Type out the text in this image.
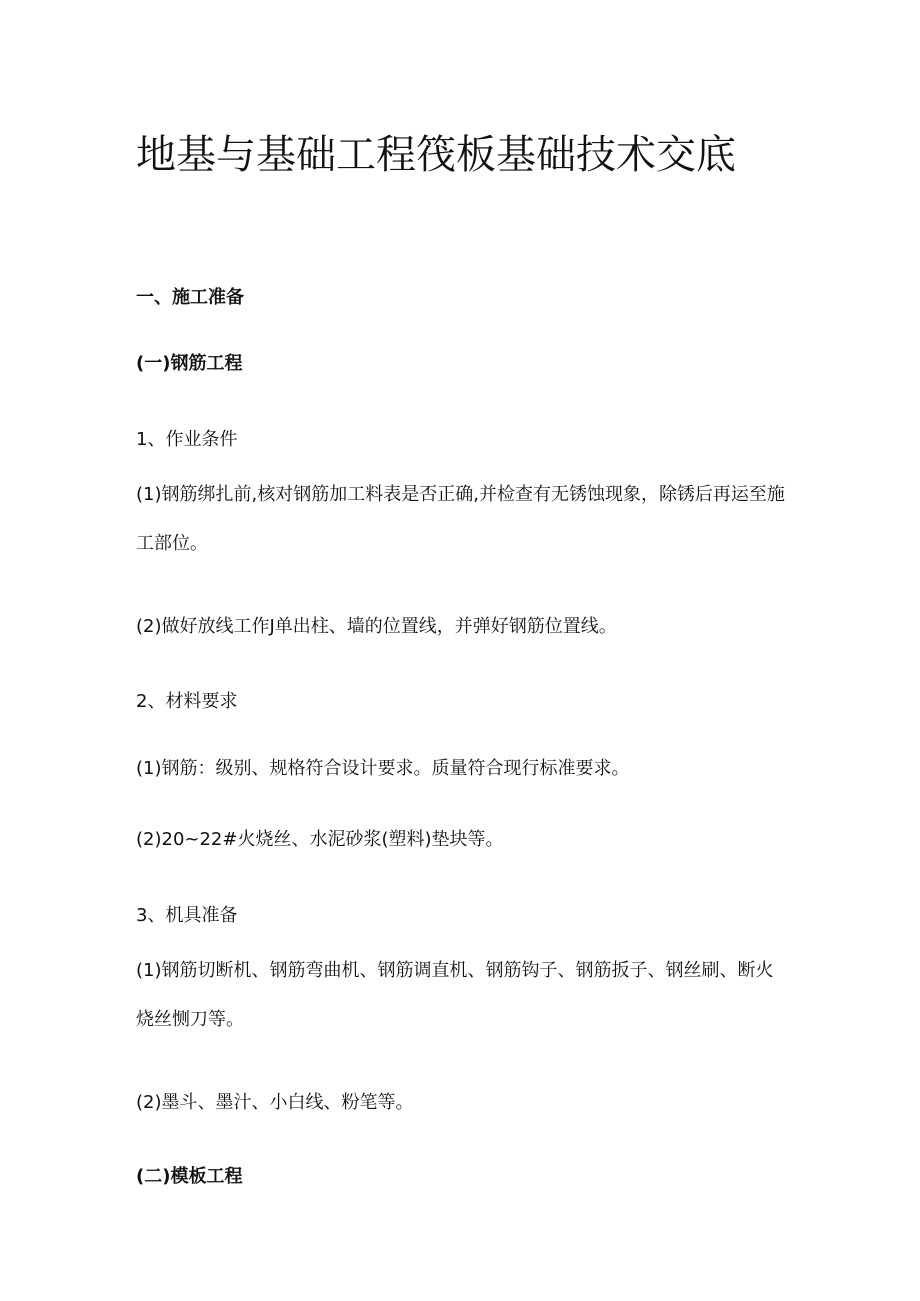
地基与基础工程筏板基础技术交底

一、施工准备

(一)钢筋工程

1、作业条件

(1)钢筋绑扎前,核对钢筋加工料表是否正确,并检查有无锈蚀现象，除锈后再运至施工部位。

(2)做好放线工作J单出柱、墙的位置线，并弹好钢筋位置线。

2、材料要求

(1)钢筋：级别、规格符合设计要求。质量符合现行标准要求。

(2)20~22#火烧丝、水泥砂浆(塑料)垫块等。

3、机具准备

(1)钢筋切断机、钢筋弯曲机、钢筋调直机、钢筋钩子、钢筋扳子、钢丝刷、断火烧丝恻刀等。

(2)墨斗、墨汁、小白线、粉笔等。

(二)模板工程
